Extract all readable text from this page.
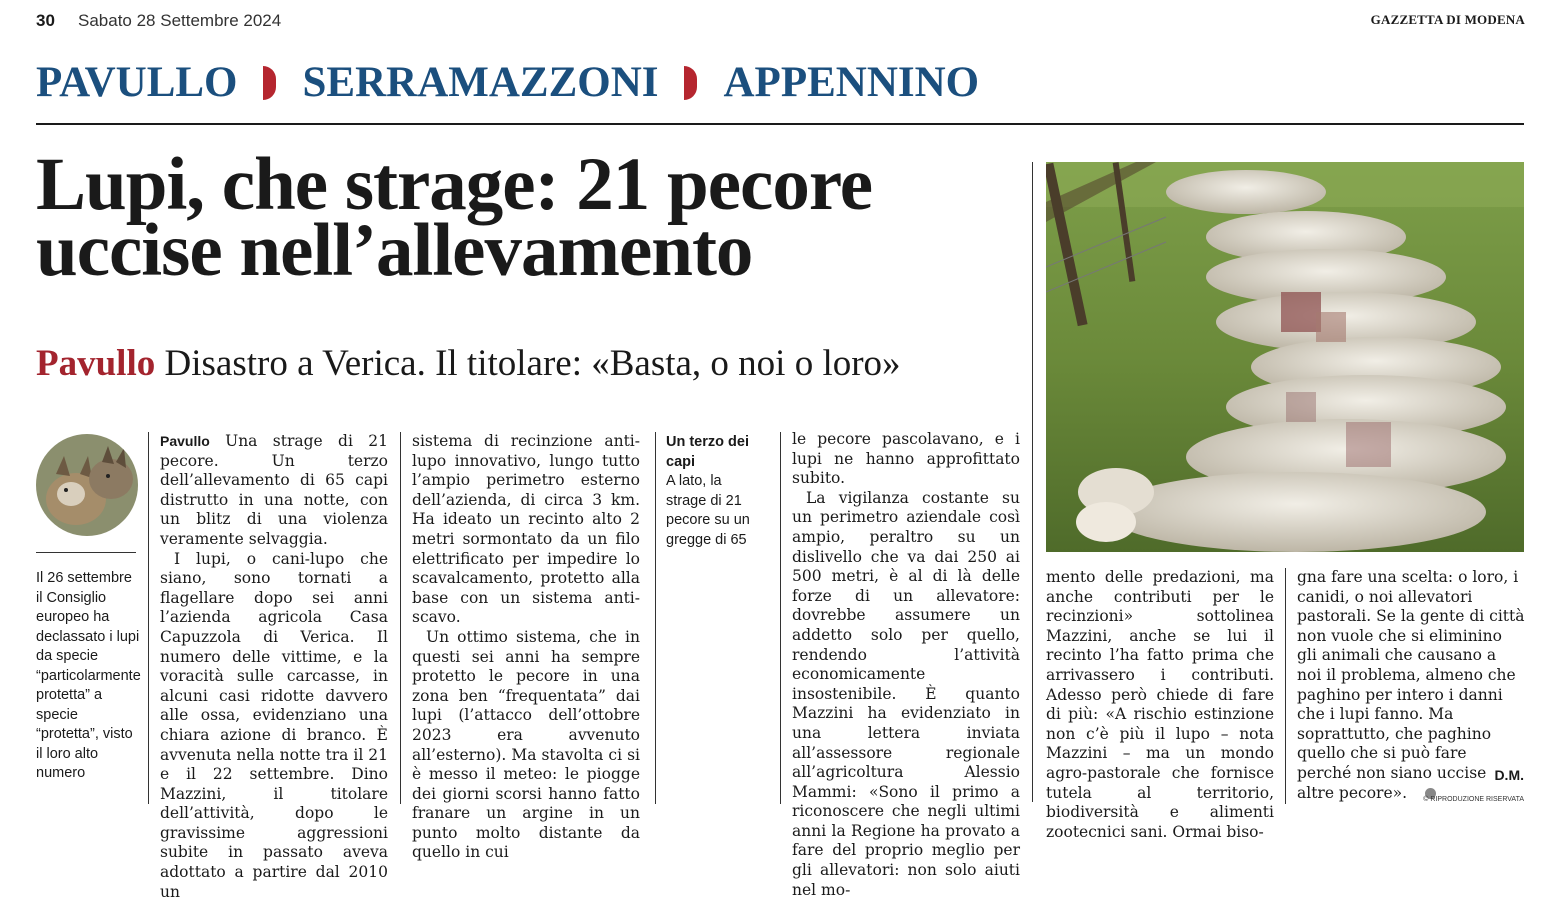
30 Sabato 28 Settembre 2024	GAZZETTA DI MODENA
PAVULLO SERRAMAZZONI APPENNINO
Lupi, che strage: 21 pecore uccise nell’allevamento
Pavullo Disastro a Verica. Il titolare: «Basta, o noi o loro»
Il 26 settembre il Consiglio europeo ha declassato i lupi da specie “particolarmente protetta” a specie “protetta”, visto il loro alto numero

Pavullo Una strage di 21 pecore. Un terzo dell’allevamento di 65 capi distrutto in una notte, con un blitz di una violenza veramente selvaggia.

I lupi, o cani-lupo che siano, sono tornati a flagellare dopo sei anni l’azienda agricola Casa Capuzzola di Verica. Il numero delle vittime, e la voracità sulle carcasse, in alcuni casi ridotte davvero alle ossa, evidenziano una chiara azione di branco. È avvenuta nella notte tra il 21 e il 22 settembre. Dino Mazzini, il titolare dell’attività, dopo le gravissime aggressioni subite in passato aveva adottato a partire dal 2010 un

sistema di recinzione anti-lupo innovativo, lungo tutto l’ampio perimetro esterno dell’azienda, di circa 3 km. Ha ideato un recinto alto 2 metri sormontato da un filo elettrificato per impedire lo scavalcamento, protetto alla base con un sistema anti-scavo.

Un ottimo sistema, che in questi sei anni ha sempre protetto le pecore in una zona ben “frequentata” dai lupi (l’attacco dell’ottobre 2023 era avvenuto all’esterno). Ma stavolta ci si è messo il meteo: le piogge dei giorni scorsi hanno fatto franare un argine in un punto molto distante da quello in cui

Un terzo dei capi
A lato, la strage di 21 pecore su un gregge di 65

le pecore pascolavano, e i lupi ne hanno approfittato subito.

La vigilanza costante su un perimetro aziendale così ampio, peraltro su un dislivello che va dai 250 ai 500 metri, è al di là delle forze di un allevatore: dovrebbe assumere un addetto solo per quello, rendendo l’attività economicamente insostenibile. È quanto Mazzini ha evidenziato in una lettera inviata all’assessore regionale all’agricoltura Alessio Mammi: «Sono il primo a riconoscere che negli ultimi anni la Regione ha provato a fare del proprio meglio per gli allevatori: non solo aiuti nel mo-

mento delle predazioni, ma anche contributi per le recinzioni» sottolinea Mazzini, anche se lui il recinto l’ha fatto prima che arrivassero i contributi. Adesso però chiede di fare di più: «A rischio estinzione non c’è più il lupo – nota Mazzini – ma un mondo agro-pastorale che fornisce tutela al territorio, biodiversità e alimenti zootecnici sani. Ormai biso-

gna fare una scelta: o loro, i canidi, o noi allevatori pastorali. Se la gente di città non vuole che si eliminino gli animali che causano a noi il problema, almeno che paghino per intero i danni che i lupi fanno. Ma soprattutto, che paghino quello che si può fare perché non siano uccise altre pecore».

D.M.
© RIPRODUZIONE RISERVATA
